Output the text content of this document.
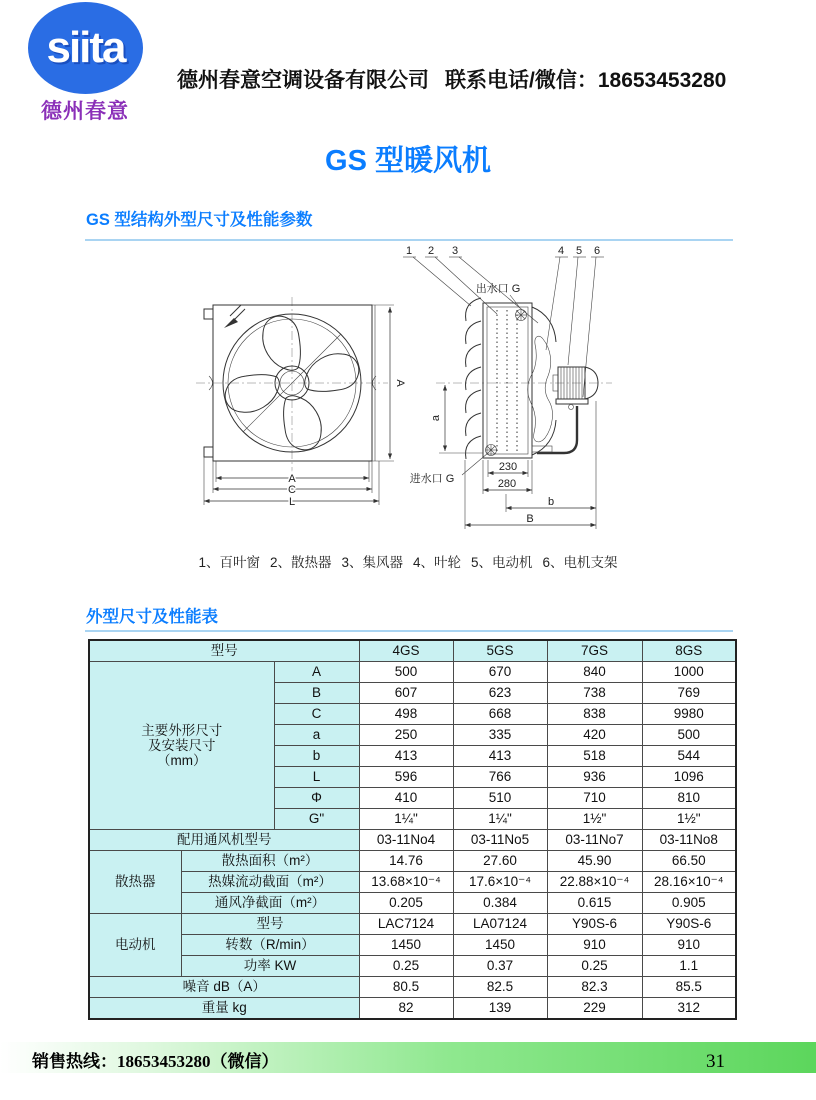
siita
德州春意
德州春意空调设备有限公司 联系电话/微信：18653453280
GS 型暖风机
GS 型结构外型尺寸及性能参数
A
A
C
L
出水口 G
进水口 G
1 2 3	4 5 6
a
230
280
b
B
1、百叶窗 2、散热器 3、集风器 4、叶轮 5、电动机 6、电机支架
外型尺寸及性能表
型号			4GS	5GS	7GS	8GS

主要外形尺寸
及安装尺寸
（mm）		A	500	670	840	1000
		B	607	623	738	769
		C	498	668	838	9980
		a	250	335	420	500
		b	413	413	518	544
		L	596	766	936	1096
		Φ	410	510	710	810
		G"	1¼"	1¼"	1½"	1½"
配用通风机型号			03-11No4	03-11No5	03-11No7	03-11No8
散热器	散热面积（m²）		14.76	27.60	45.90	66.50
	热媒流动截面（m²）		13.68×10⁻⁴	17.6×10⁻⁴	22.88×10⁻⁴	28.16×10⁻⁴
	通风净截面（m²）		0.205	0.384	0.615	0.905
电动机	型号		LAC7124	LA07124	Y90S-6	Y90S-6
	转数（R/min）		1450	1450	910	910
	功率 KW		0.25	0.37	0.25	1.1
噪音 dB（A）			80.5	82.5	82.3	85.5
重量 kg			82	139	229	312
销售热线：18653453280（微信）	31
